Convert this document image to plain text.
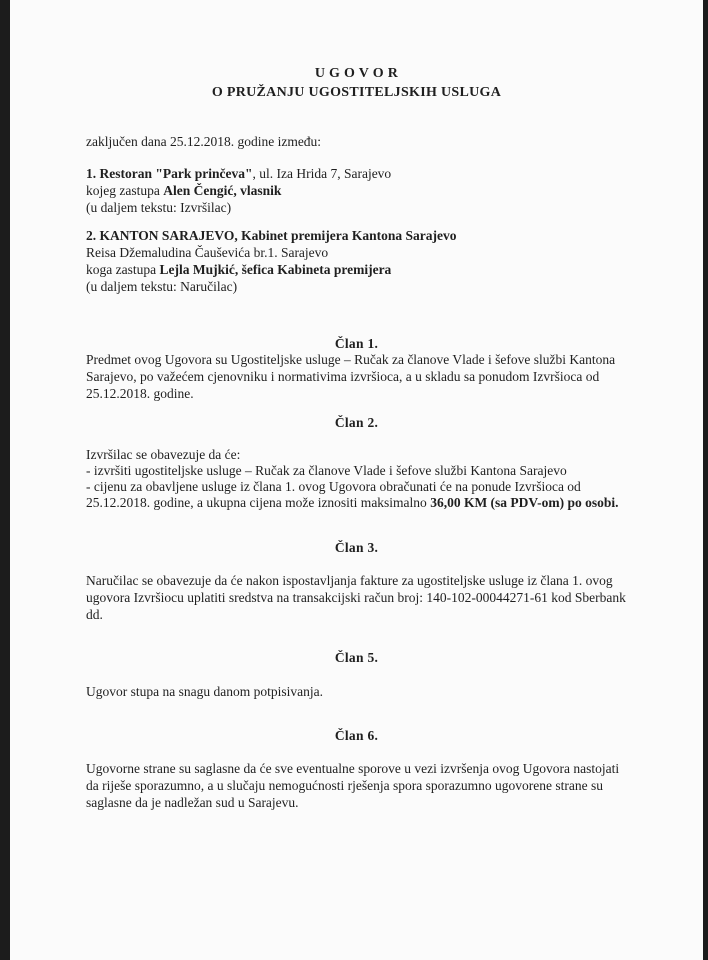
U G O V O R
O PRUŽANJU UGOSTITELJSKIH USLUGA
zaključen dana 25.12.2018. godine između:
1. Restoran "Park prinčeva", ul. Iza Hrida 7, Sarajevo
kojeg zastupa Alen Čengić, vlasnik
(u daljem tekstu: Izvršilac)
2. KANTON SARAJEVO, Kabinet premijera Kantona Sarajevo
Reisa Džemaludina Čauševića br.1. Sarajevo
koga zastupa Lejla Mujkić, šefica Kabineta premijera
(u daljem tekstu: Naručilac)
Član 1.
Predmet ovog Ugovora su Ugostiteljske usluge – Ručak za članove Vlade i šefove službi Kantona
Sarajevo, po važećem cjenovniku i normativima izvršioca, a u skladu sa ponudom Izvršioca od
25.12.2018. godine.
Član 2.
Izvršilac se obavezuje da će:
- izvršiti ugostiteljske usluge – Ručak za članove Vlade i šefove službi Kantona Sarajevo
- cijenu za obavljene usluge iz člana 1. ovog Ugovora obračunati će na ponude Izvršioca od
25.12.2018. godine, a ukupna cijena može iznositi maksimalno 36,00 KM (sa PDV-om) po osobi.
Član 3.
Naručilac se obavezuje da će nakon ispostavljanja fakture za ugostiteljske usluge iz člana 1. ovog
ugovora Izvršiocu uplatiti sredstva na transakcijski račun broj: 140-102-00044271-61 kod Sberbank
dd.
Član 5.
Ugovor stupa na snagu danom potpisivanja.
Član 6.
Ugovorne strane su saglasne da će sve eventualne sporove u vezi izvršenja ovog Ugovora nastojati
da riješe sporazumno, a u slučaju nemogućnosti rješenja spora sporazumno ugovorene strane su
saglasne da je nadležan sud u Sarajevu.
